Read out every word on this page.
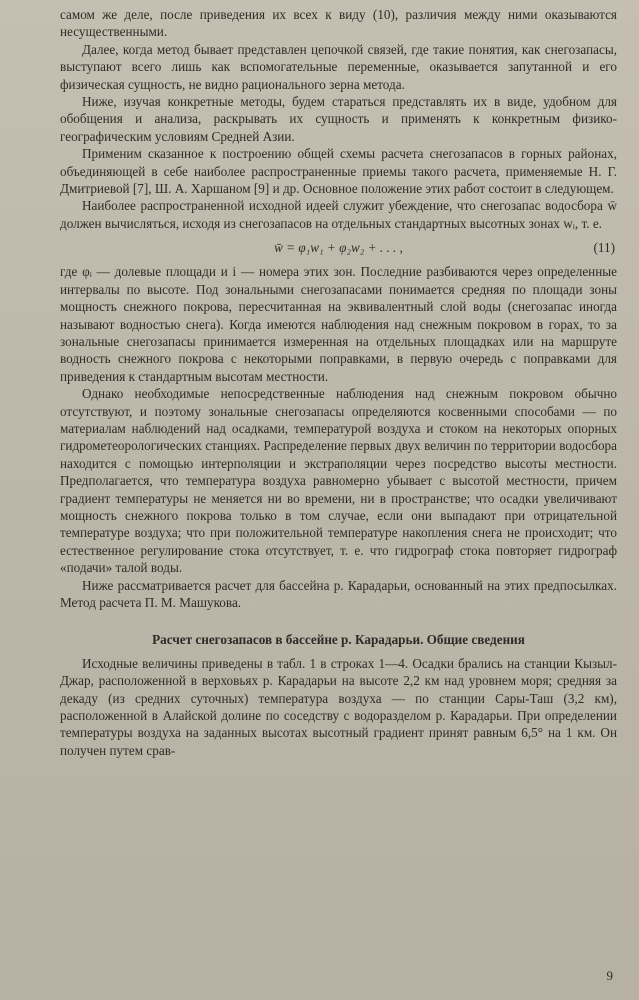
самом же деле, после приведения их всех к виду (10), различия между ними оказываются несущественными.

Далее, когда метод бывает представлен цепочкой связей, где такие понятия, как снегозапасы, выступают всего лишь как вспомогательные переменные, оказывается запутанной и его физическая сущность, не видно рационального зерна метода.

Ниже, изучая конкретные методы, будем стараться представлять их в виде, удобном для обобщения и анализа, раскрывать их сущность и применять к конкретным физико-географическим условиям Средней Азии.

Применим сказанное к построению общей схемы расчета снегозапасов в горных районах, объединяющей в себе наиболее распространенные приемы такого расчета, применяемые Н. Г. Дмитриевой [7], Ш. А. Харшаном [9] и др. Основное положение этих работ состоит в следующем.

Наиболее распространенной исходной идеей служит убеждение, что снегозапас водосбора w̄ должен вычисляться, исходя из снегозапасов на отдельных стандартных высотных зонах wᵢ, т. е.

w̄ = φ₁w₁ + φ₂w₂ + . . . ,	(11)

где φᵢ — долевые площади и i — номера этих зон. Последние разбиваются через определенные интервалы по высоте. Под зональными снегозапасами понимается средняя по площади зоны мощность снежного покрова, пересчитанная на эквивалентный слой воды (снегозапас иногда называют водностью снега). Когда имеются наблюдения над снежным покровом в горах, то за зональные снегозапасы принимается измеренная на отдельных площадках или на маршруте водность снежного покрова с некоторыми поправками, в первую очередь с поправками для приведения к стандартным высотам местности.

Однако необходимые непосредственные наблюдения над снежным покровом обычно отсутствуют, и поэтому зональные снегозапасы определяются косвенными способами — по материалам наблюдений над осадками, температурой воздуха и стоком на некоторых опорных гидрометеорологических станциях. Распределение первых двух величин по территории водосбора находится с помощью интерполяции и экстраполяции через посредство высоты местности. Предполагается, что температура воздуха равномерно убывает с высотой местности, причем градиент температуры не меняется ни во времени, ни в пространстве; что осадки увеличивают мощность снежного покрова только в том случае, если они выпадают при отрицательной температуре воздуха; что при положительной температуре накопления снега не происходит; что естественное регулирование стока отсутствует, т. е. что гидрограф стока повторяет гидрограф «подачи» талой воды.

Ниже рассматривается расчет для бассейна р. Карадарьи, основанный на этих предпосылках. Метод расчета П. М. Машукова.

Расчет снегозапасов в бассейне р. Карадарьи. Общие сведения

Исходные величины приведены в табл. 1 в строках 1—4. Осадки брались на станции Кызыл-Джар, расположенной в верховьях р. Карадарьи на высоте 2,2 км над уровнем моря; средняя за декаду (из средних суточных) температура воздуха — по станции Сары-Таш (3,2 км), расположенной в Алайской долине по соседству с водоразделом р. Карадарьи. При определении температуры воздуха на заданных высотах высотный градиент принят равным 6,5° на 1 км. Он получен путем срав-

9
